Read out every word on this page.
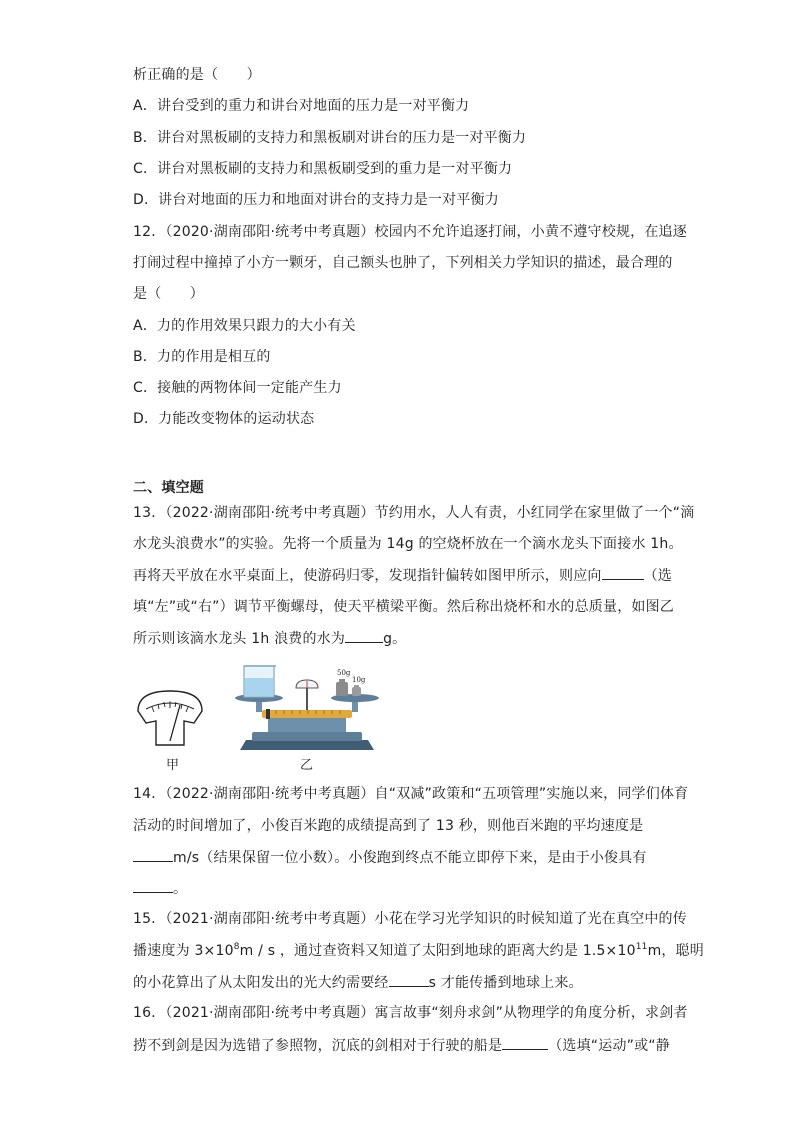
析正确的是（　　）
A．讲台受到的重力和讲台对地面的压力是一对平衡力
B．讲台对黑板刷的支持力和黑板刷对讲台的压力是一对平衡力
C．讲台对黑板刷的支持力和黑板刷受到的重力是一对平衡力
D．讲台对地面的压力和地面对讲台的支持力是一对平衡力
12．（2020·湖南邵阳·统考中考真题）校园内不允许追逐打闹，小黄不遵守校规，在追逐
打闹过程中撞掉了小方一颗牙，自己额头也肿了，下列相关力学知识的描述，最合理的
是（　　）
A．力的作用效果只跟力的大小有关
B．力的作用是相互的
C．接触的两物体间一定能产生力
D．力能改变物体的运动状态
二、填空题
13．（2022·湖南邵阳·统考中考真题）节约用水，人人有责，小红同学在家里做了一个“滴
水龙头浪费水”的实验。先将一个质量为 14g 的空烧杯放在一个滴水龙头下面接水 1h。
再将天平放在水平桌面上，使游码归零，发现指针偏转如图甲所示，则应向	（选
填“左”或“右”）调节平衡螺母，使天平横梁平衡。然后称出烧杯和水的总质量，如图乙
所示则该滴水龙头 1h 浪费的水为	g。
甲
50g
10g
乙
14．（2022·湖南邵阳·统考中考真题）自“双减”政策和“五项管理”实施以来，同学们体育
活动的时间增加了，小俊百米跑的成绩提高到了 13 秒，则他百米跑的平均速度是
m/s（结果保留一位小数）。小俊跑到终点不能立即停下来，是由于小俊具有
。
15．（2021·湖南邵阳·统考中考真题）小花在学习光学知识的时候知道了光在真空中的传
播速度为 $3\times 10^8m / s$ ，通过查资料又知道了太阳到地球的距离大约是 $1.5\times 10^{11}m$，聪明
的小花算出了从太阳发出的光大约需要经	s 才能传播到地球上来。
16．（2021·湖南邵阳·统考中考真题）寓言故事“刻舟求剑”从物理学的角度分析，求剑者
捞不到剑是因为选错了参照物，沉底的剑相对于行驶的船是	（选填“运动”或“静
